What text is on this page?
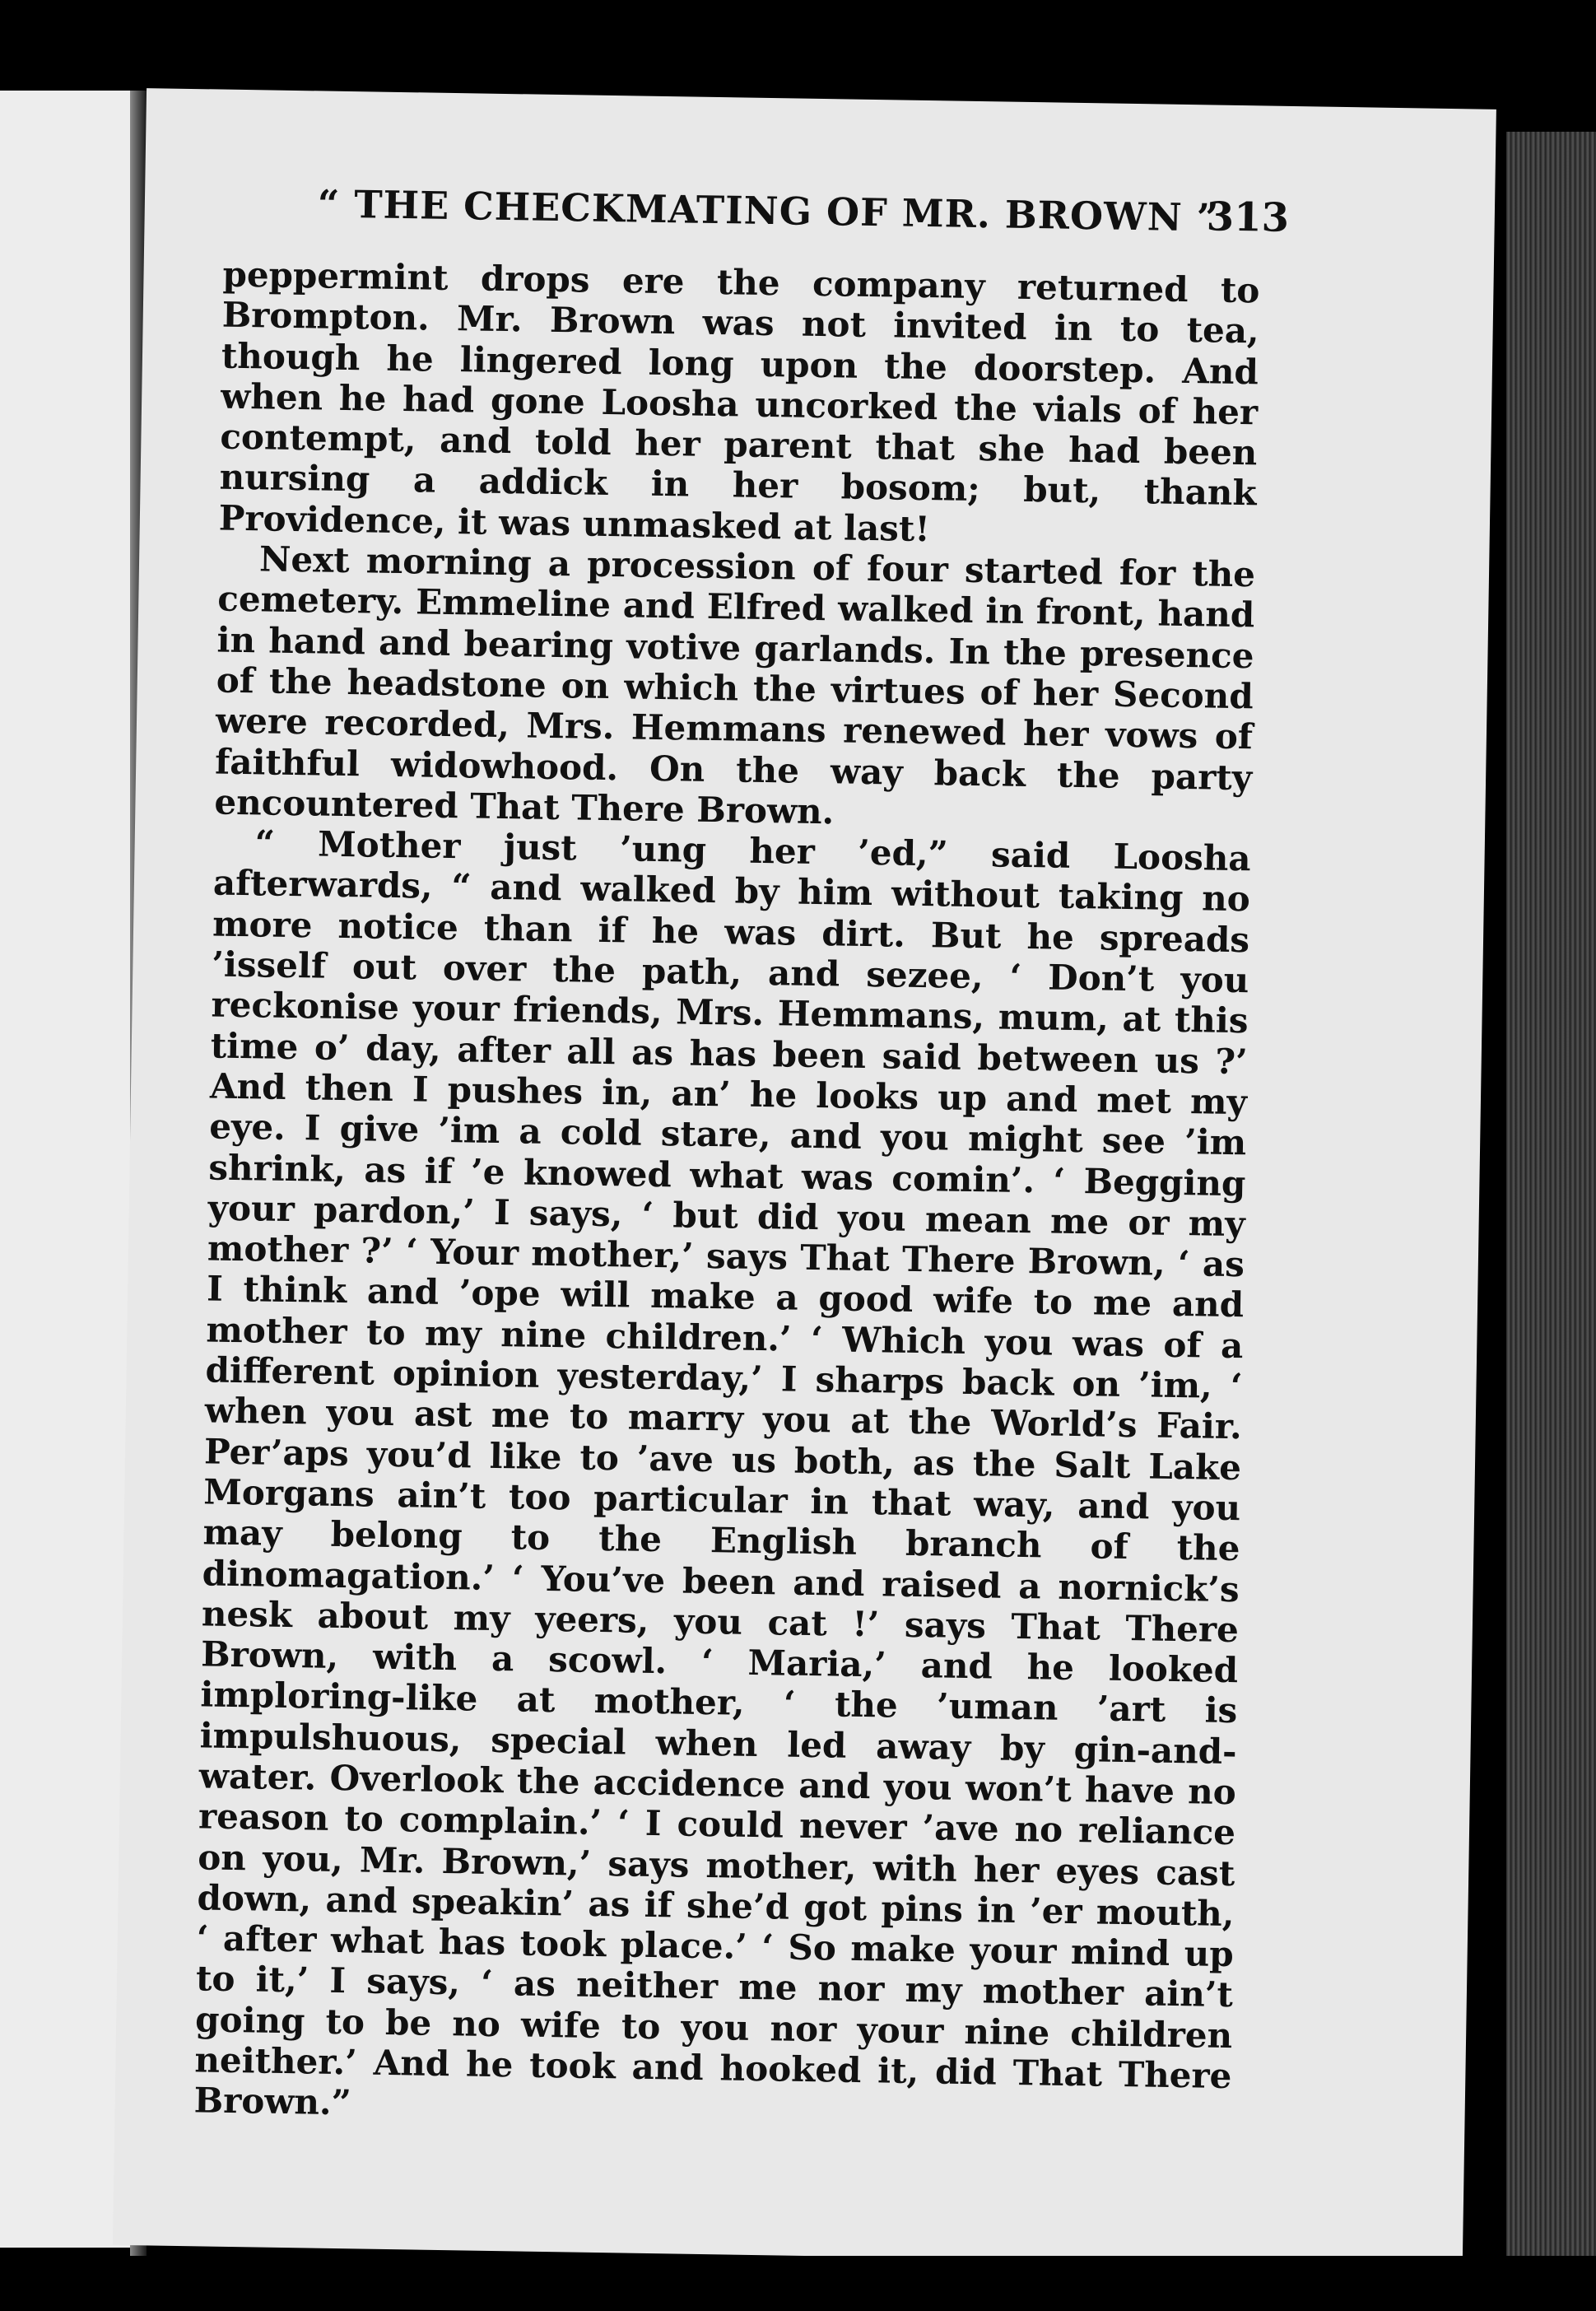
“ THE CHECKMATING OF MR. BROWN ”
313

peppermint drops ere the company returned to Brompton. Mr. Brown was not invited in to tea, though he lingered long upon the doorstep. And when he had gone Loosha uncorked the vials of her contempt, and told her parent that she had been nursing a addick in her bosom; but, thank Providence, it was unmasked at last!

Next morning a procession of four started for the cemetery. Emmeline and Elfred walked in front, hand in hand and bearing votive garlands. In the presence of the headstone on which the virtues of her Second were recorded, Mrs. Hemmans renewed her vows of faithful widowhood. On the way back the party encountered That There Brown.

“ Mother just ’ung her ’ed,” said Loosha afterwards, “ and walked by him without taking no more notice than if he was dirt. But he spreads ’isself out over the path, and sezee, ‘ Don’t you reckonise your friends, Mrs. Hemmans, mum, at this time o’ day, after all as has been said between us ?’ And then I pushes in, an’ he looks up and met my eye. I give ’im a cold stare, and you might see ’im shrink, as if ’e knowed what was comin’. ‘ Begging your pardon,’ I says, ‘ but did you mean me or my mother ?’ ‘ Your mother,’ says That There Brown, ‘ as I think and ’ope will make a good wife to me and mother to my nine children.’ ‘ Which you was of a different opinion yesterday,’ I sharps back on ’im, ‘ when you ast me to marry you at the World’s Fair. Per’aps you’d like to ’ave us both, as the Salt Lake Morgans ain’t too particular in that way, and you may belong to the English branch of the dinomagation.’ ‘ You’ve been and raised a nornick’s nesk about my yeers, you cat !’ says That There Brown, with a scowl. ‘ Maria,’ and he looked imploring-like at mother, ‘ the ’uman ’art is impulshuous, special when led away by gin-and-water. Overlook the accidence and you won’t have no reason to complain.’ ‘ I could never ’ave no reliance on you, Mr. Brown,’ says mother, with her eyes cast down, and speakin’ as if she’d got pins in ’er mouth, ‘ after what has took place.’ ‘ So make your mind up to it,’ I says, ‘ as neither me nor my mother ain’t going to be no wife to you nor your nine children neither.’ And he took and hooked it, did That There Brown.”
